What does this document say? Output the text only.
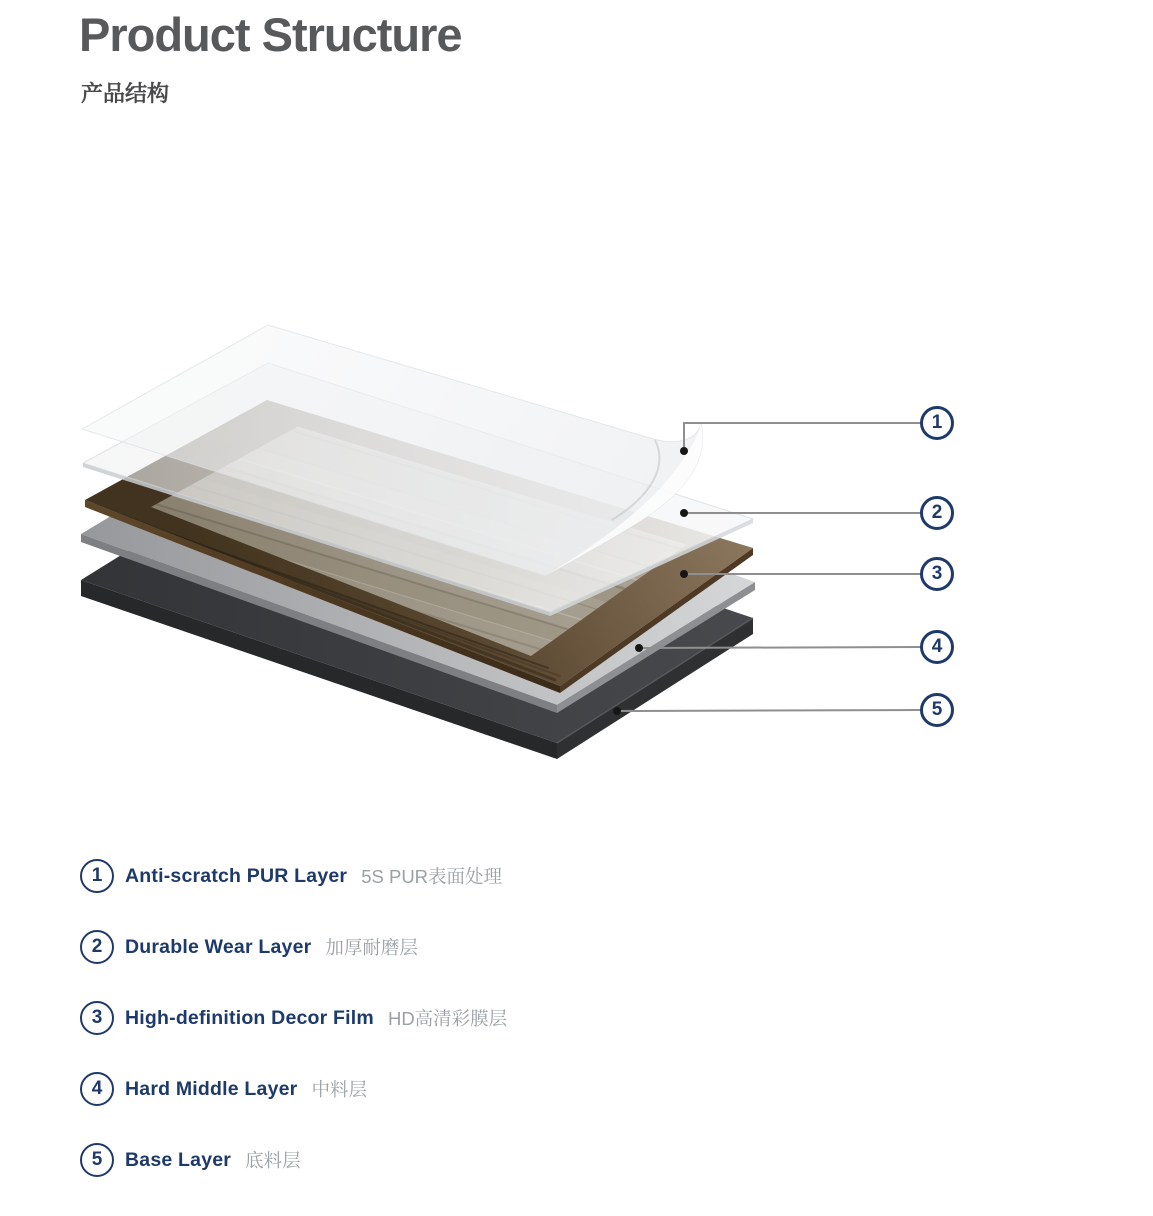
Product Structure
产品结构
1
2
3
4
5
1	Anti-scratch PUR Layer 5S PUR表面处理
2	Durable Wear Layer 加厚耐磨层
3	High-definition Decor Film HD高清彩膜层
4	Hard Middle Layer 中料层
5	Base Layer 底料层
